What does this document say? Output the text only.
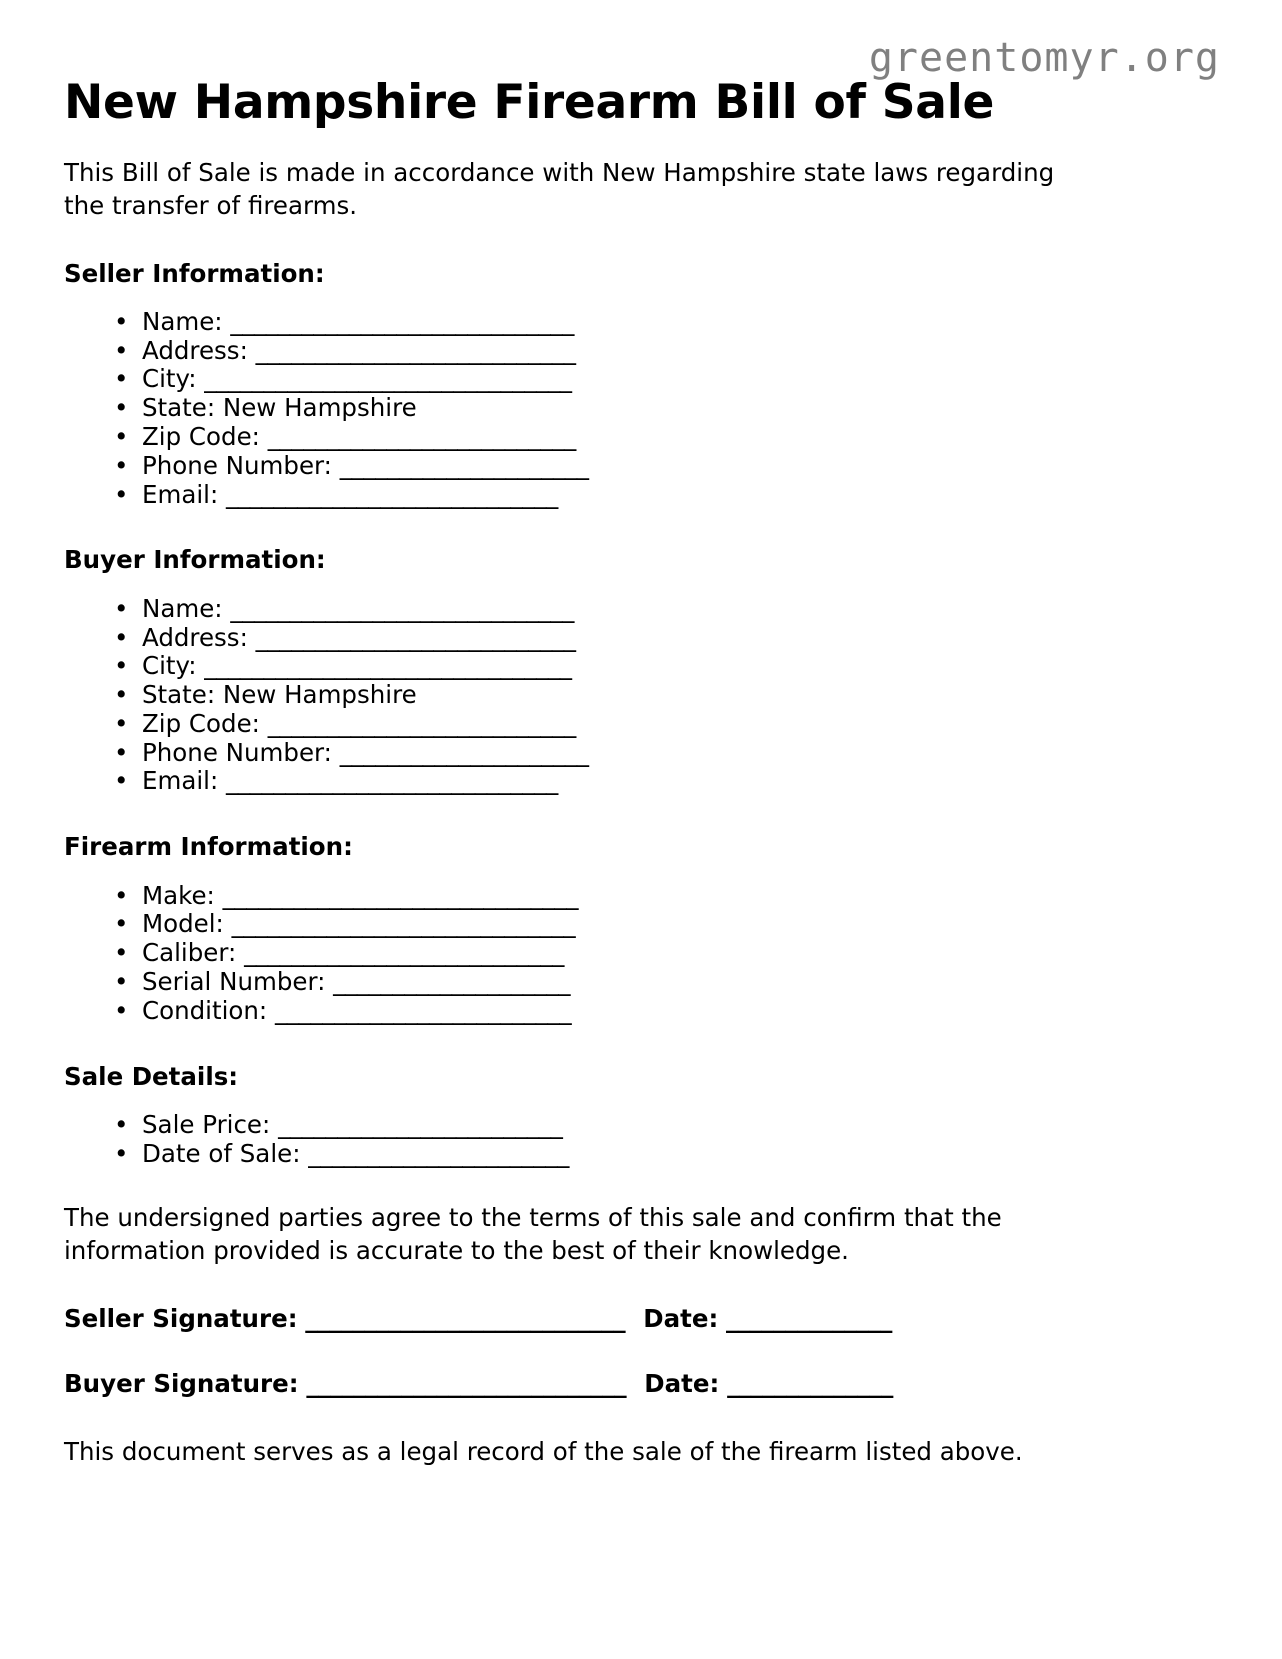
greentomyr.org
New Hampshire Firearm Bill of Sale

This Bill of Sale is made in accordance with New Hampshire state laws regarding the transfer of firearms.

Seller Information:
• Name: _____________________________
• Address: ___________________________
• City: _______________________________
• State: New Hampshire
• Zip Code: __________________________
• Phone Number: _____________________
• Email: ____________________________
Buyer Information:
• Name: _____________________________
• Address: ___________________________
• City: _______________________________
• State: New Hampshire
• Zip Code: __________________________
• Phone Number: _____________________
• Email: ____________________________
Firearm Information:
• Make: ______________________________
• Model: _____________________________
• Caliber: ___________________________
• Serial Number: ____________________
• Condition: _________________________
Sale Details:
• Sale Price: ________________________
• Date of Sale: ______________________

The undersigned parties agree to the terms of this sale and confirm that the information provided is accurate to the best of their knowledge.

Seller Signature: ___________________________ Date: ______________
Buyer Signature: ___________________________ Date: ______________

This document serves as a legal record of the sale of the firearm listed above.
